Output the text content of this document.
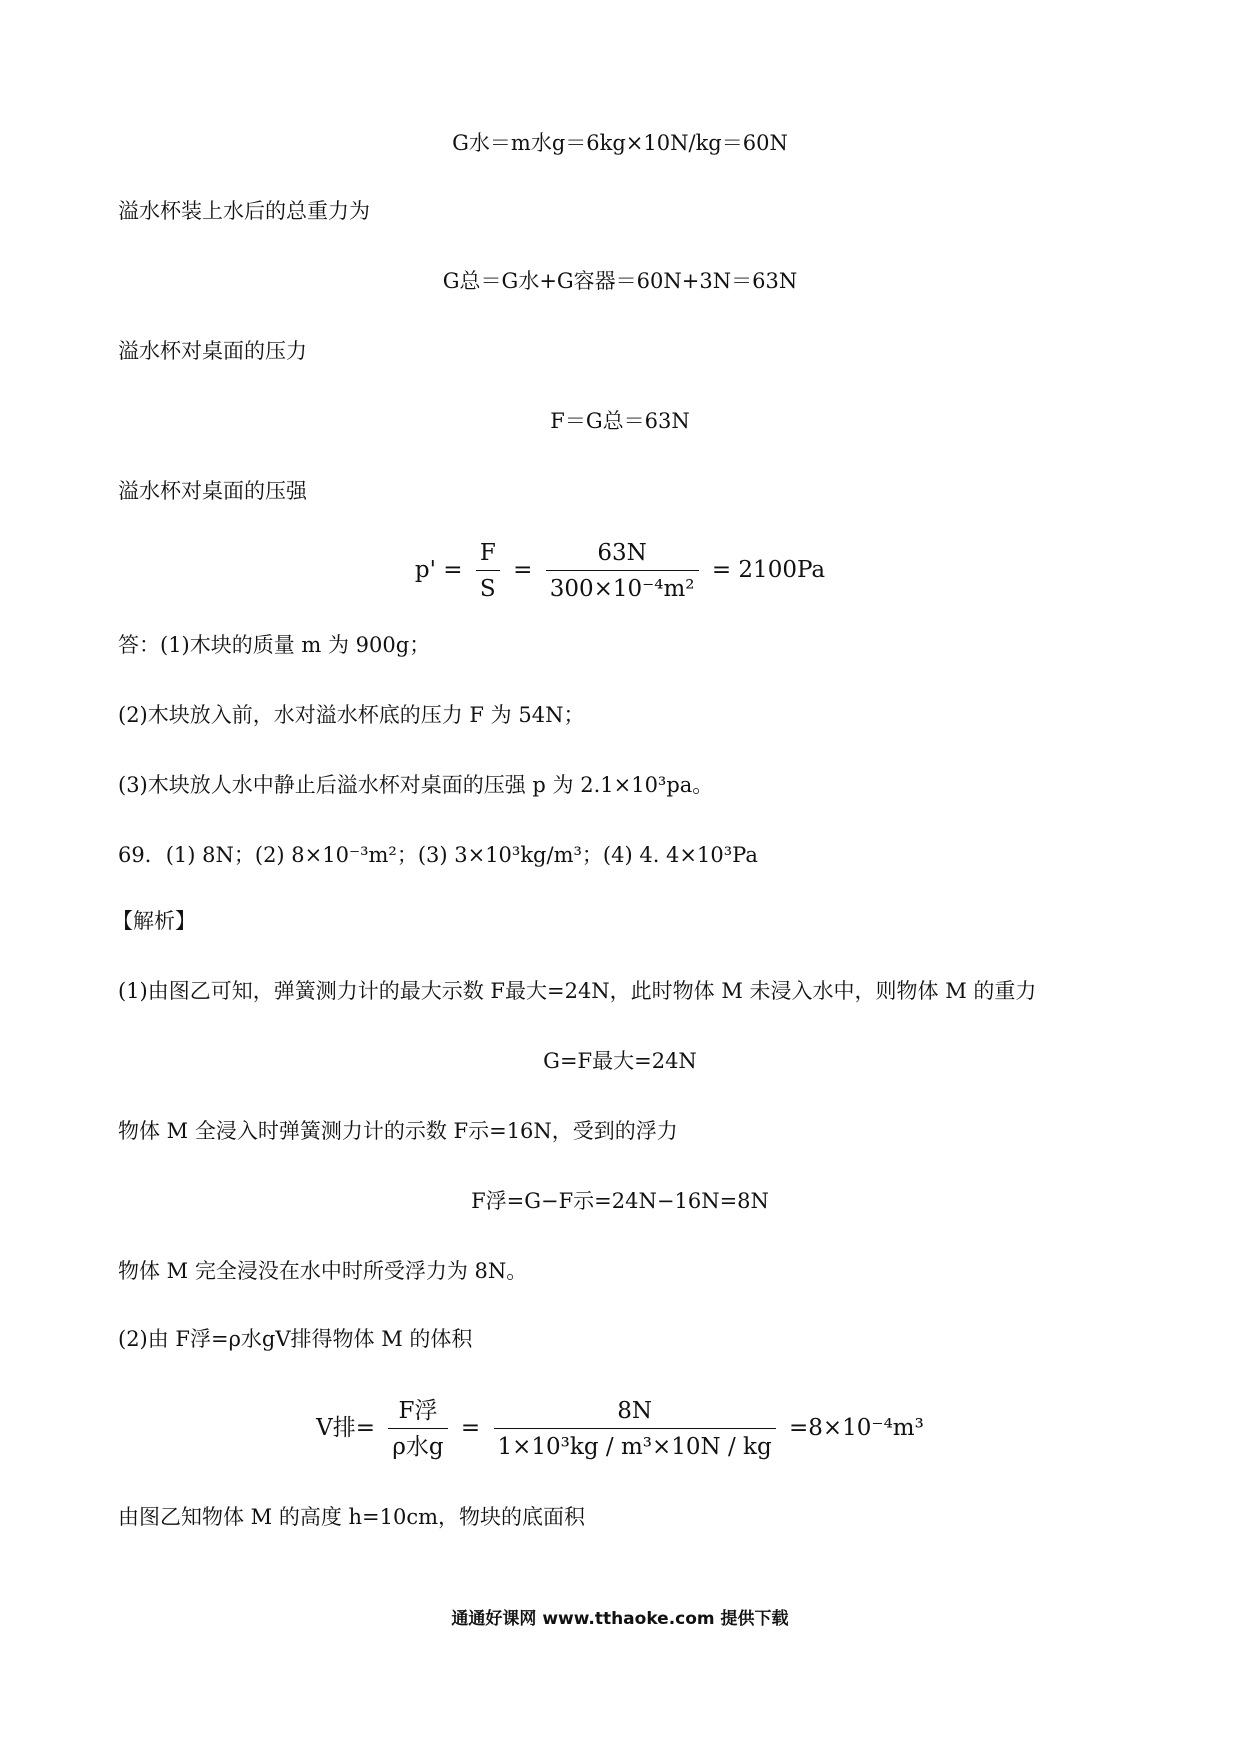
G水＝m水g＝6kg×10N/kg＝60N
溢水杯装上水后的总重力为
G总＝G水+G容器＝60N+3N＝63N
溢水杯对桌面的压力
F＝G总＝63N
溢水杯对桌面的压强
$p' = \frac{F}{S} = \frac{63N}{\text{300×10⁻⁴m²}} = 2100Pa$
答：(1)木块的质量 m 为 900g；
(2)木块放入前，水对溢水杯底的压力 F 为 54N；
(3)木块放人水中静止后溢水杯对桌面的压强 p 为 2.1×10³pa。
69．(1) 8N；(2) 8×10⁻³m²；(3) 3×10³kg/m³；(4) 4. 4×10³Pa
【解析】
(1)由图乙可知，弹簧测力计的最大示数 F最大=24N，此时物体 M 未浸入水中，则物体 M 的重力
G=F最大=24N
物体 M 全浸入时弹簧测力计的示数 F示=16N，受到的浮力
F浮=G−F示=24N−16N=8N
物体 M 完全浸没在水中时所受浮力为 8N。
(2)由 F浮=ρ水gV排得物体 M 的体积
V排= $\frac{\text{F浮}}{\text{ρ水g}} = \frac{8N}{\text{1×10³kg / m³×10N / kg}} =8\times 10^{-4}m^3$
由图乙知物体 M 的高度 h=10cm，物块的底面积
通通好课网 www.tthaoke.com 提供下载
